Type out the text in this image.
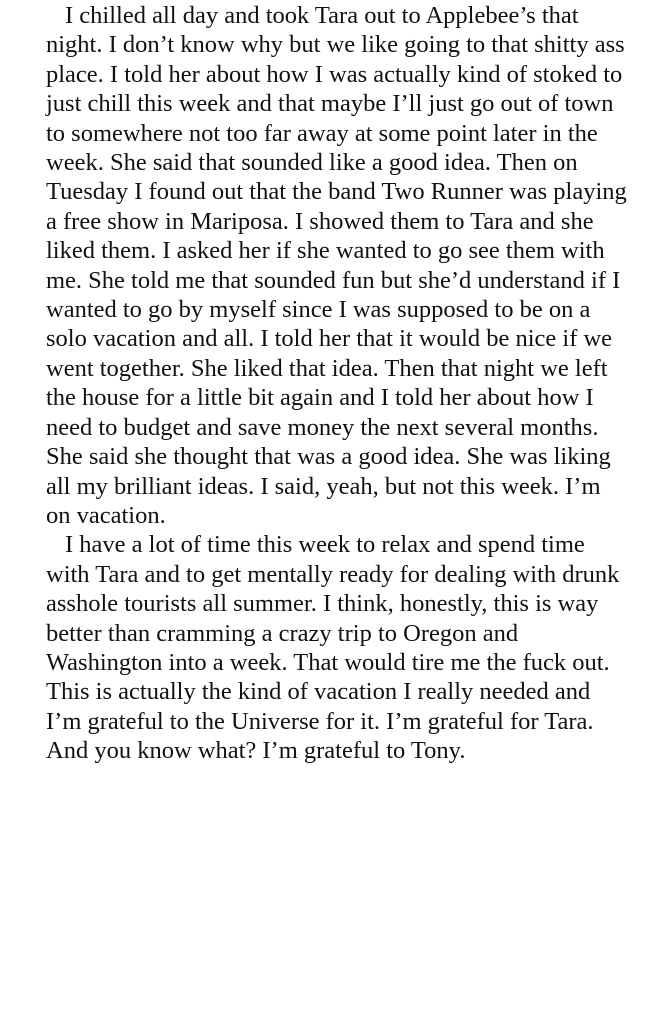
I chilled all day and took Tara out to Applebee’s that night. I don’t know why but we like going to that shitty ass place. I told her about how I was actually kind of stoked to just chill this week and that maybe I’ll just go out of town to somewhere not too far away at some point later in the week. She said that sounded like a good idea. Then on Tuesday I found out that the band Two Runner was playing a free show in Mariposa. I showed them to Tara and she liked them. I asked her if she wanted to go see them with me. She told me that sounded fun but she’d understand if I wanted to go by myself since I was supposed to be on a solo vacation and all. I told her that it would be nice if we went together. She liked that idea. Then that night we left the house for a little bit again and I told her about how I need to budget and save money the next several months. She said she thought that was a good idea. She was liking all my brilliant ideas. I said, yeah, but not this week. I’m on vacation.

I have a lot of time this week to relax and spend time with Tara and to get mentally ready for dealing with drunk asshole tourists all summer. I think, honestly, this is way better than cramming a crazy trip to Oregon and Washington into a week. That would tire me the fuck out. This is actually the kind of vacation I really needed and I’m grateful to the Universe for it. I’m grateful for Tara. And you know what? I’m grateful to Tony.
